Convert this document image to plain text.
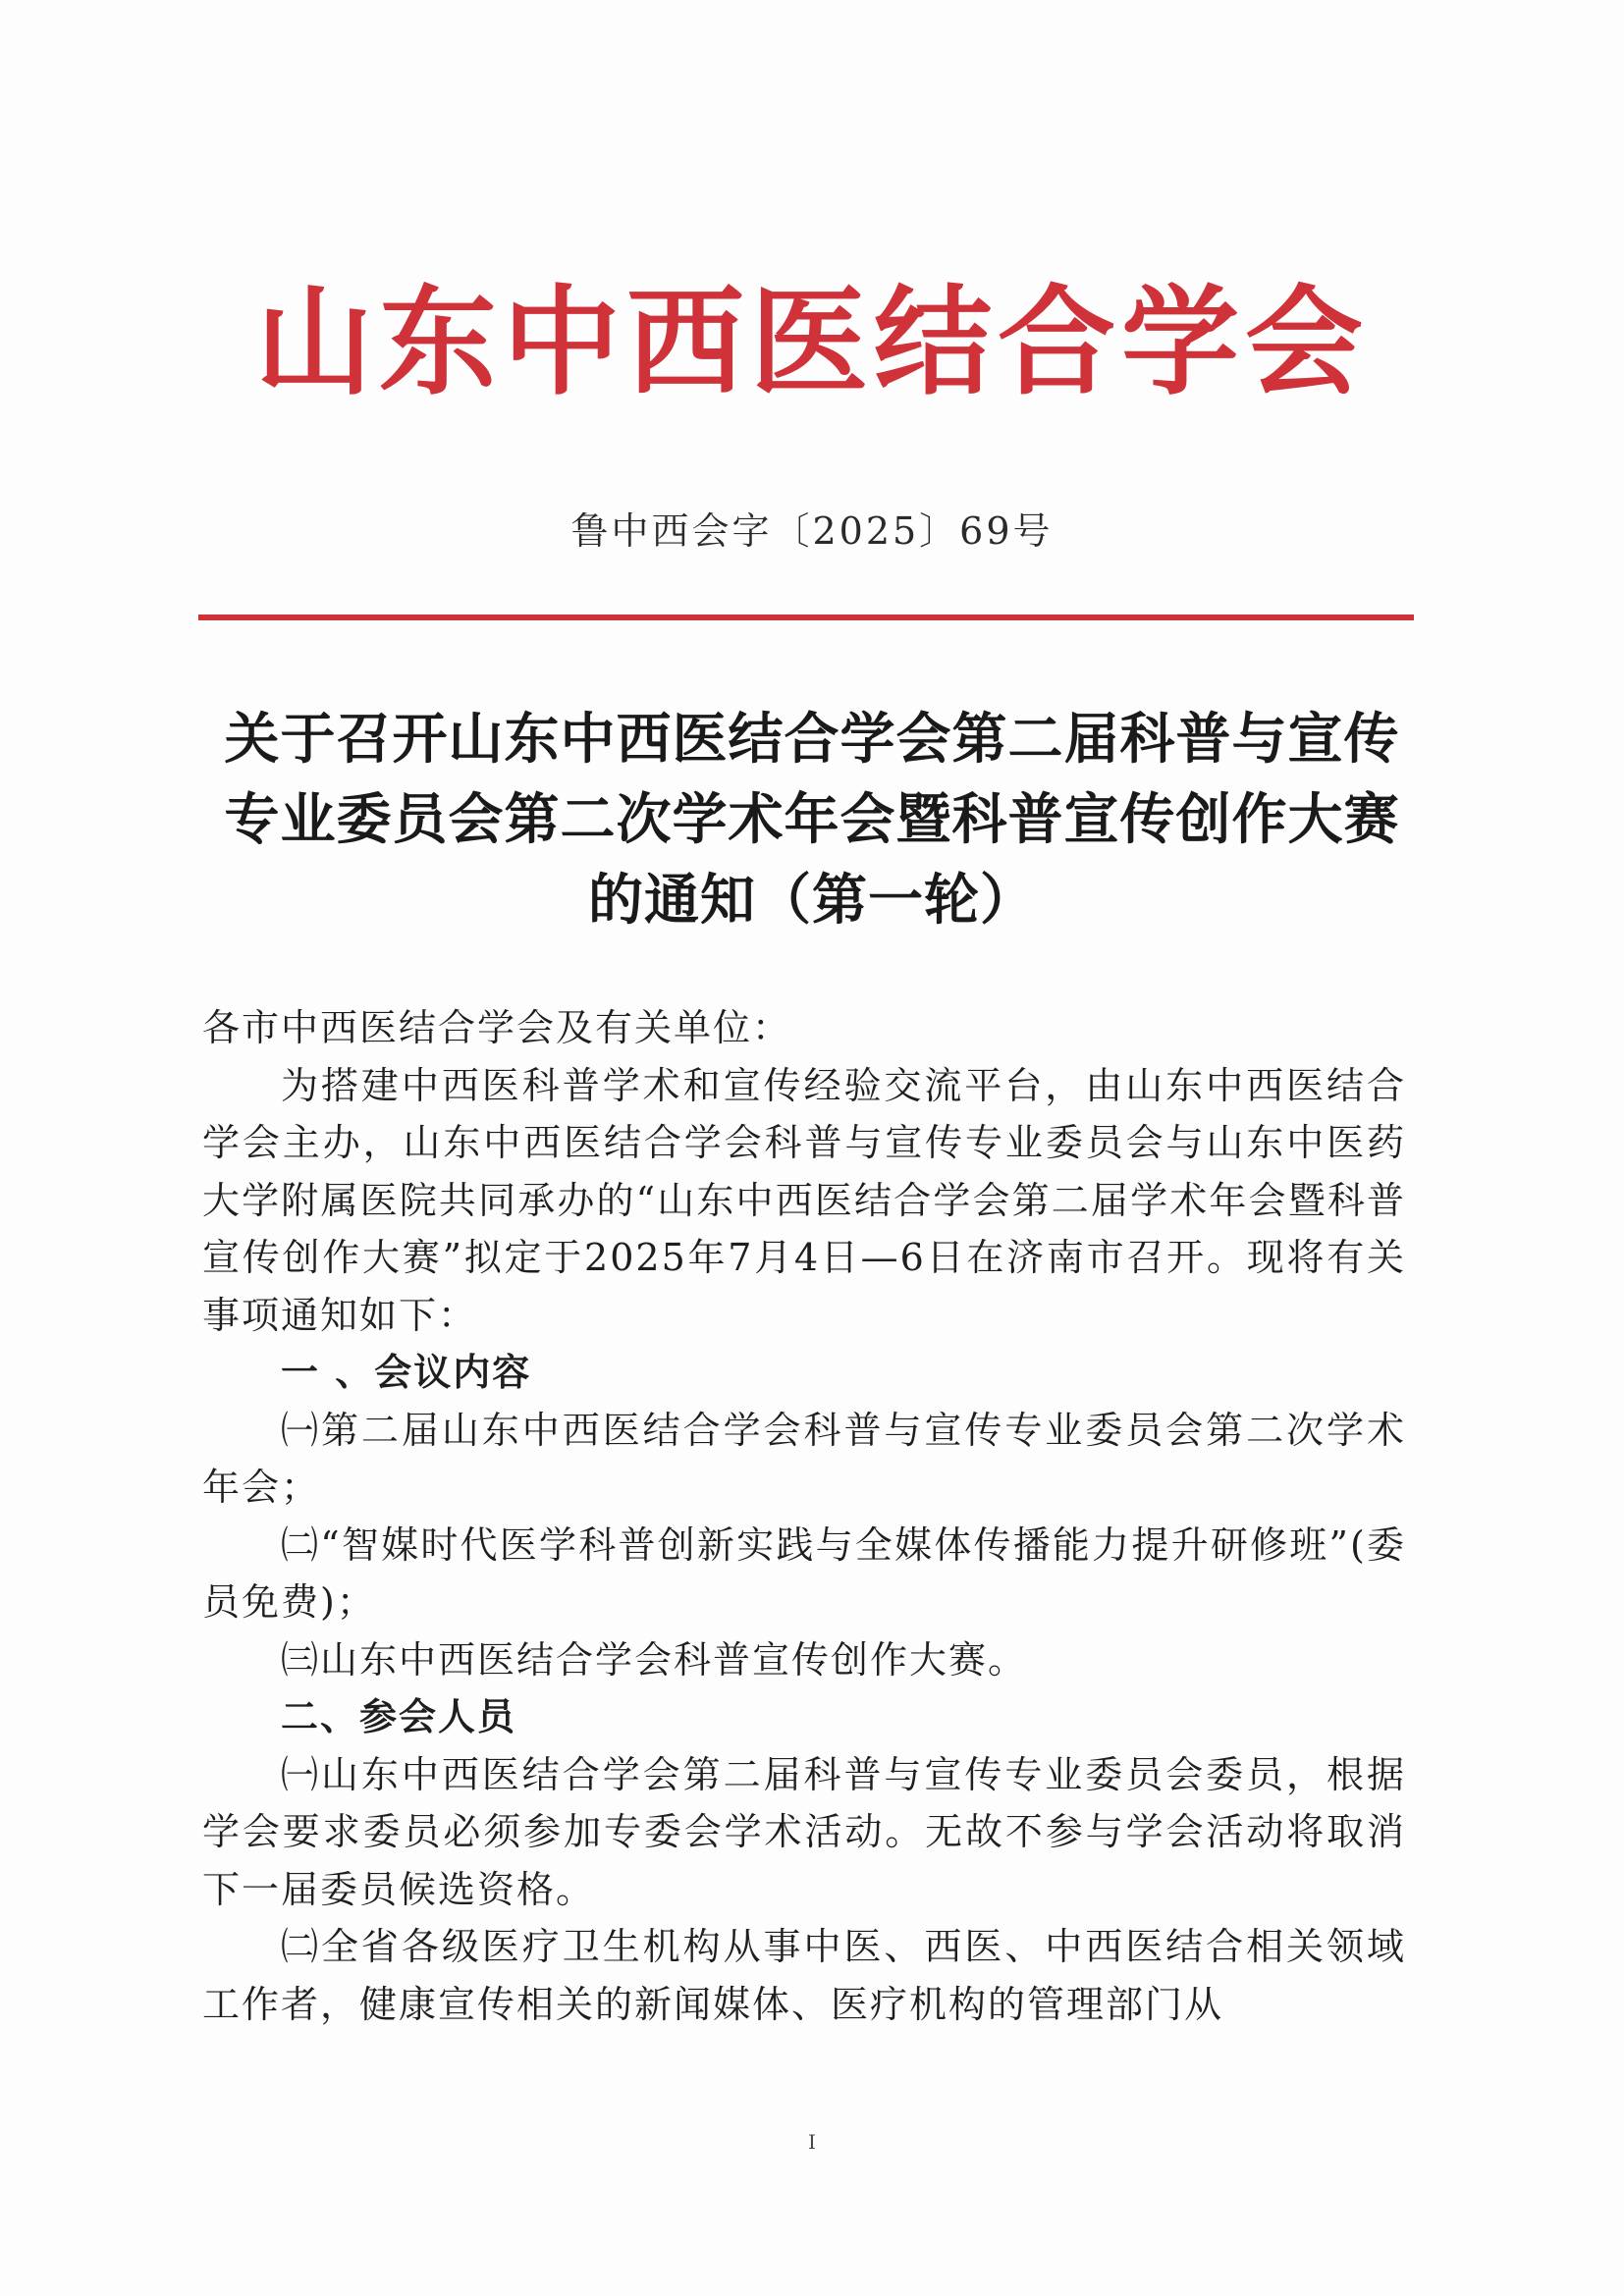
山东中西医结合学会
鲁中西会字〔2025〕69号
关于召开山东中西医结合学会第二届科普与宣传专业委员会第二次学术年会暨科普宣传创作大赛的通知（第一轮）

各市中西医结合学会及有关单位：

为搭建中西医科普学术和宣传经验交流平台，由山东中西医结合学会主办，山东中西医结合学会科普与宣传专业委员会与山东中医药大学附属医院共同承办的“山东中西医结合学会第二届学术年会暨科普宣传创作大赛”拟定于2025年7月4日—6日在济南市召开。现将有关事项通知如下：

一 、会议内容

㈠第二届山东中西医结合学会科普与宣传专业委员会第二次学术年会；

㈡“智媒时代医学科普创新实践与全媒体传播能力提升研修班”(委员免费)；

㈢山东中西医结合学会科普宣传创作大赛。

二、参会人员

㈠山东中西医结合学会第二届科普与宣传专业委员会委员，根据学会要求委员必须参加专委会学术活动。无故不参与学会活动将取消下一届委员候选资格。

㈡全省各级医疗卫生机构从事中医、西医、中西医结合相关领域工作者，健康宣传相关的新闻媒体、医疗机构的管理部门从

I
